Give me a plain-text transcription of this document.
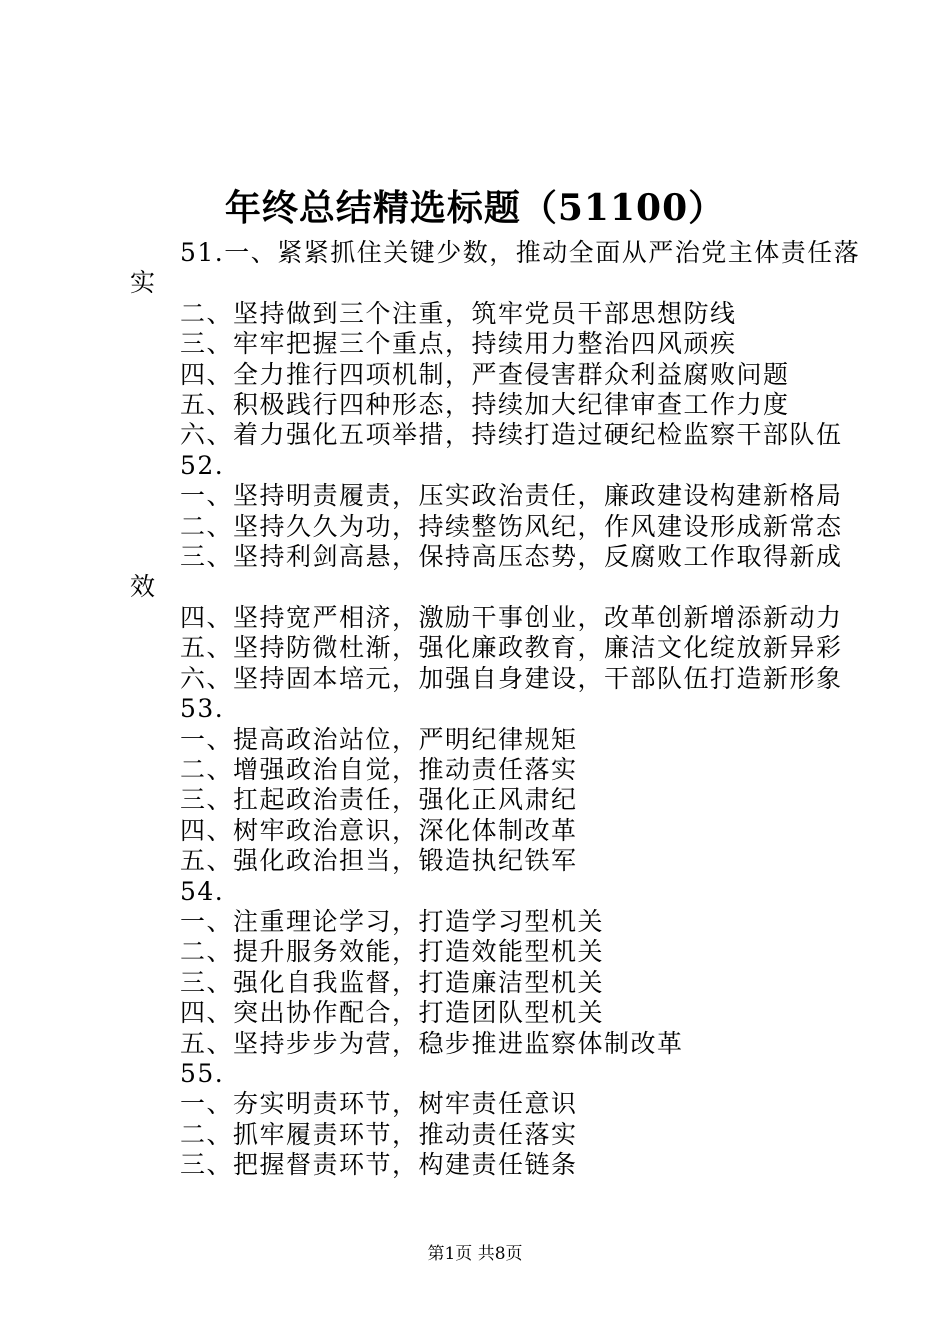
年终总结精选标题（51100）
51.一、紧紧抓住关键少数，推动全面从严治党主体责任落
实
二、坚持做到三个注重，筑牢党员干部思想防线
三、牢牢把握三个重点，持续用力整治四风顽疾
四、全力推行四项机制，严查侵害群众利益腐败问题
五、积极践行四种形态，持续加大纪律审查工作力度
六、着力强化五项举措，持续打造过硬纪检监察干部队伍
52.
一、坚持明责履责，压实政治责任，廉政建设构建新格局
二、坚持久久为功，持续整饬风纪，作风建设形成新常态
三、坚持利剑高悬，保持高压态势，反腐败工作取得新成
效
四、坚持宽严相济，激励干事创业，改革创新增添新动力
五、坚持防微杜渐，强化廉政教育，廉洁文化绽放新异彩
六、坚持固本培元，加强自身建设，干部队伍打造新形象
53.
一、提高政治站位，严明纪律规矩
二、增强政治自觉，推动责任落实
三、扛起政治责任，强化正风肃纪
四、树牢政治意识，深化体制改革
五、强化政治担当，锻造执纪铁军
54.
一、注重理论学习，打造学习型机关
二、提升服务效能，打造效能型机关
三、强化自我监督，打造廉洁型机关
四、突出协作配合，打造团队型机关
五、坚持步步为营，稳步推进监察体制改革
55.
一、夯实明责环节，树牢责任意识
二、抓牢履责环节，推动责任落实
三、把握督责环节，构建责任链条
第1页 共8页
